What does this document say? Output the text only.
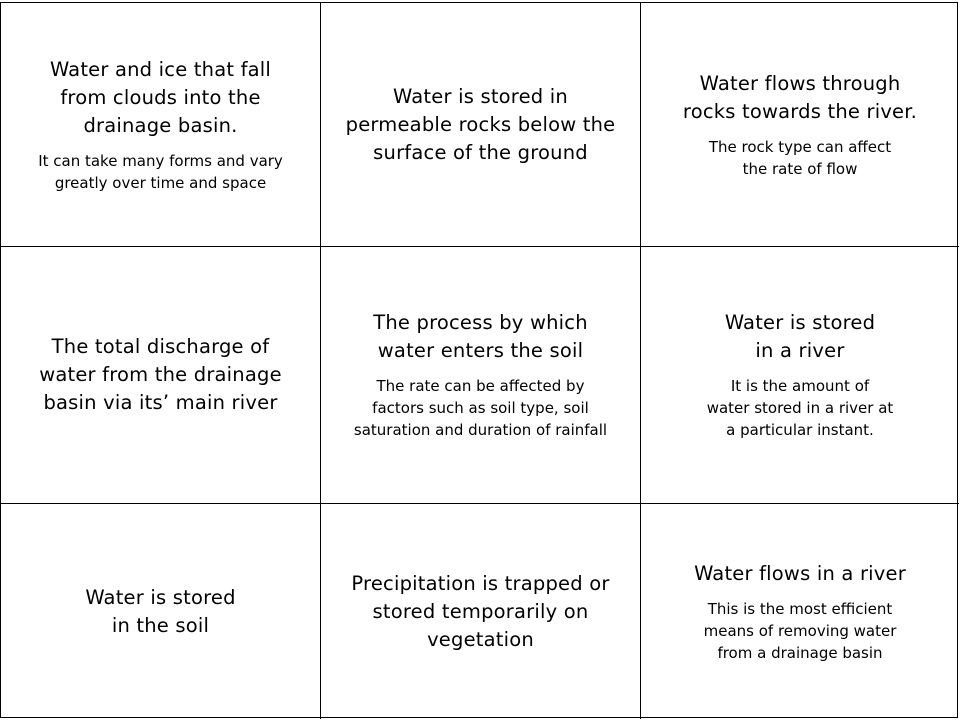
Water and ice that fall
from clouds into the
drainage basin.
It can take many forms and vary
greatly over time and space
Water is stored in
permeable rocks below the
surface of the ground
Water flows through
rocks towards the river.
The rock type can affect
the rate of flow
The total discharge of
water from the drainage
basin via its’ main river
The process by which
water enters the soil
The rate can be affected by
factors such as soil type, soil
saturation and duration of rainfall
Water is stored
in a river
It is the amount of
water stored in a river at
a particular instant.
Water is stored
in the soil
Precipitation is trapped or
stored temporarily on
vegetation
Water flows in a river
This is the most efficient
means of removing water
from a drainage basin
